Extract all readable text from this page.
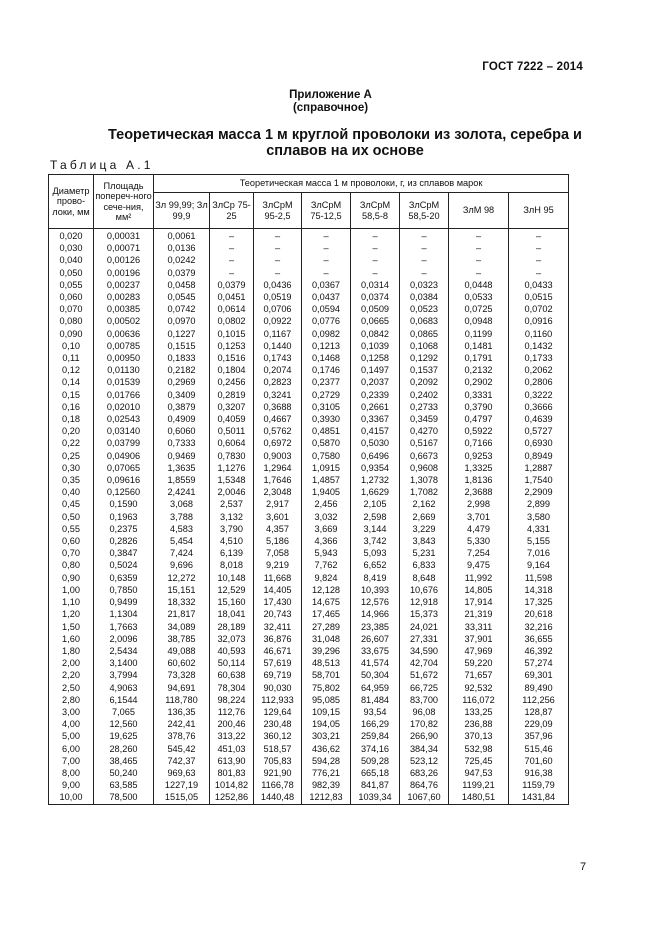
ГОСТ 7222 – 2014
Приложение А
(справочное)
Теоретическая масса 1 м круглой проволоки из золота, серебра и
сплавов на их основе
Таблица А.1
Диаметр прово-локи, мм	Площадь попереч-ного сече-ния, мм²	Теоретическая масса 1 м проволоки, г, из сплавов марок							
		Зл 99,99; Зл 99,9	ЗлСр 75-25	ЗлСрМ 95-2,5	ЗлСрМ 75-12,5	ЗлСрМ 58,5-8	ЗлСрМ 58,5-20	ЗлМ 98	ЗлН 95
0,020	0,00031	0,0061	–	–	–	–	–	–	–
0,030	0,00071	0,0136	–	–	–	–	–	–	–
0,040	0,00126	0,0242	–	–	–	–	–	–	–
0,050	0,00196	0,0379	–	–	–	–	–	–	–
0,055	0,00237	0,0458	0,0379	0,0436	0,0367	0,0314	0,0323	0,0448	0,0433
0,060	0,00283	0,0545	0,0451	0,0519	0,0437	0,0374	0,0384	0,0533	0,0515
0,070	0,00385	0,0742	0,0614	0,0706	0,0594	0,0509	0,0523	0,0725	0,0702
0,080	0,00502	0,0970	0,0802	0,0922	0,0776	0,0665	0,0683	0,0948	0,0916
0,090	0,00636	0,1227	0,1015	0,1167	0,0982	0,0842	0,0865	0,1199	0,1160
0,10	0,00785	0,1515	0,1253	0,1440	0,1213	0,1039	0,1068	0,1481	0,1432
0,11	0,00950	0,1833	0,1516	0,1743	0,1468	0,1258	0,1292	0,1791	0,1733
0,12	0,01130	0,2182	0,1804	0,2074	0,1746	0,1497	0,1537	0,2132	0,2062
0,14	0,01539	0,2969	0,2456	0,2823	0,2377	0,2037	0,2092	0,2902	0,2806
0,15	0,01766	0,3409	0,2819	0,3241	0,2729	0,2339	0,2402	0,3331	0,3222
0,16	0,02010	0,3879	0,3207	0,3688	0,3105	0,2661	0,2733	0,3790	0,3666
0,18	0,02543	0,4909	0,4059	0,4667	0,3930	0,3367	0,3459	0,4797	0,4639
0,20	0,03140	0,6060	0,5011	0,5762	0,4851	0,4157	0,4270	0,5922	0,5727
0,22	0,03799	0,7333	0,6064	0,6972	0,5870	0,5030	0,5167	0,7166	0,6930
0,25	0,04906	0,9469	0,7830	0,9003	0,7580	0,6496	0,6673	0,9253	0,8949
0,30	0,07065	1,3635	1,1276	1,2964	1,0915	0,9354	0,9608	1,3325	1,2887
0,35	0,09616	1,8559	1,5348	1,7646	1,4857	1,2732	1,3078	1,8136	1,7540
0,40	0,12560	2,4241	2,0046	2,3048	1,9405	1,6629	1,7082	2,3688	2,2909
0,45	0,1590	3,068	2,537	2,917	2,456	2,105	2,162	2,998	2,899
0,50	0,1963	3,788	3,132	3,601	3,032	2,598	2,669	3,701	3,580
0,55	0,2375	4,583	3,790	4,357	3,669	3,144	3,229	4,479	4,331
0,60	0,2826	5,454	4,510	5,186	4,366	3,742	3,843	5,330	5,155
0,70	0,3847	7,424	6,139	7,058	5,943	5,093	5,231	7,254	7,016
0,80	0,5024	9,696	8,018	9,219	7,762	6,652	6,833	9,475	9,164
0,90	0,6359	12,272	10,148	11,668	9,824	8,419	8,648	11,992	11,598
1,00	0,7850	15,151	12,529	14,405	12,128	10,393	10,676	14,805	14,318
1,10	0,9499	18,332	15,160	17,430	14,675	12,576	12,918	17,914	17,325
1,20	1,1304	21,817	18,041	20,743	17,465	14,966	15,373	21,319	20,618
1,50	1,7663	34,089	28,189	32,411	27,289	23,385	24,021	33,311	32,216
1,60	2,0096	38,785	32,073	36,876	31,048	26,607	27,331	37,901	36,655
1,80	2,5434	49,088	40,593	46,671	39,296	33,675	34,590	47,969	46,392
2,00	3,1400	60,602	50,114	57,619	48,513	41,574	42,704	59,220	57,274
2,20	3,7994	73,328	60,638	69,719	58,701	50,304	51,672	71,657	69,301
2,50	4,9063	94,691	78,304	90,030	75,802	64,959	66,725	92,532	89,490
2,80	6,1544	118,780	98,224	112,933	95,085	81,484	83,700	116,072	112,256
3,00	7,065	136,35	112,76	129,64	109,15	93,54	96,08	133,25	128,87
4,00	12,560	242,41	200,46	230,48	194,05	166,29	170,82	236,88	229,09
5,00	19,625	378,76	313,22	360,12	303,21	259,84	266,90	370,13	357,96
6,00	28,260	545,42	451,03	518,57	436,62	374,16	384,34	532,98	515,46
7,00	38,465	742,37	613,90	705,83	594,28	509,28	523,12	725,45	701,60
8,00	50,240	969,63	801,83	921,90	776,21	665,18	683,26	947,53	916,38
9,00	63,585	1227,19	1014,82	1166,78	982,39	841,87	864,76	1199,21	1159,79
10,00	78,500	1515,05	1252,86	1440,48	1212,83	1039,34	1067,60	1480,51	1431,84
7
